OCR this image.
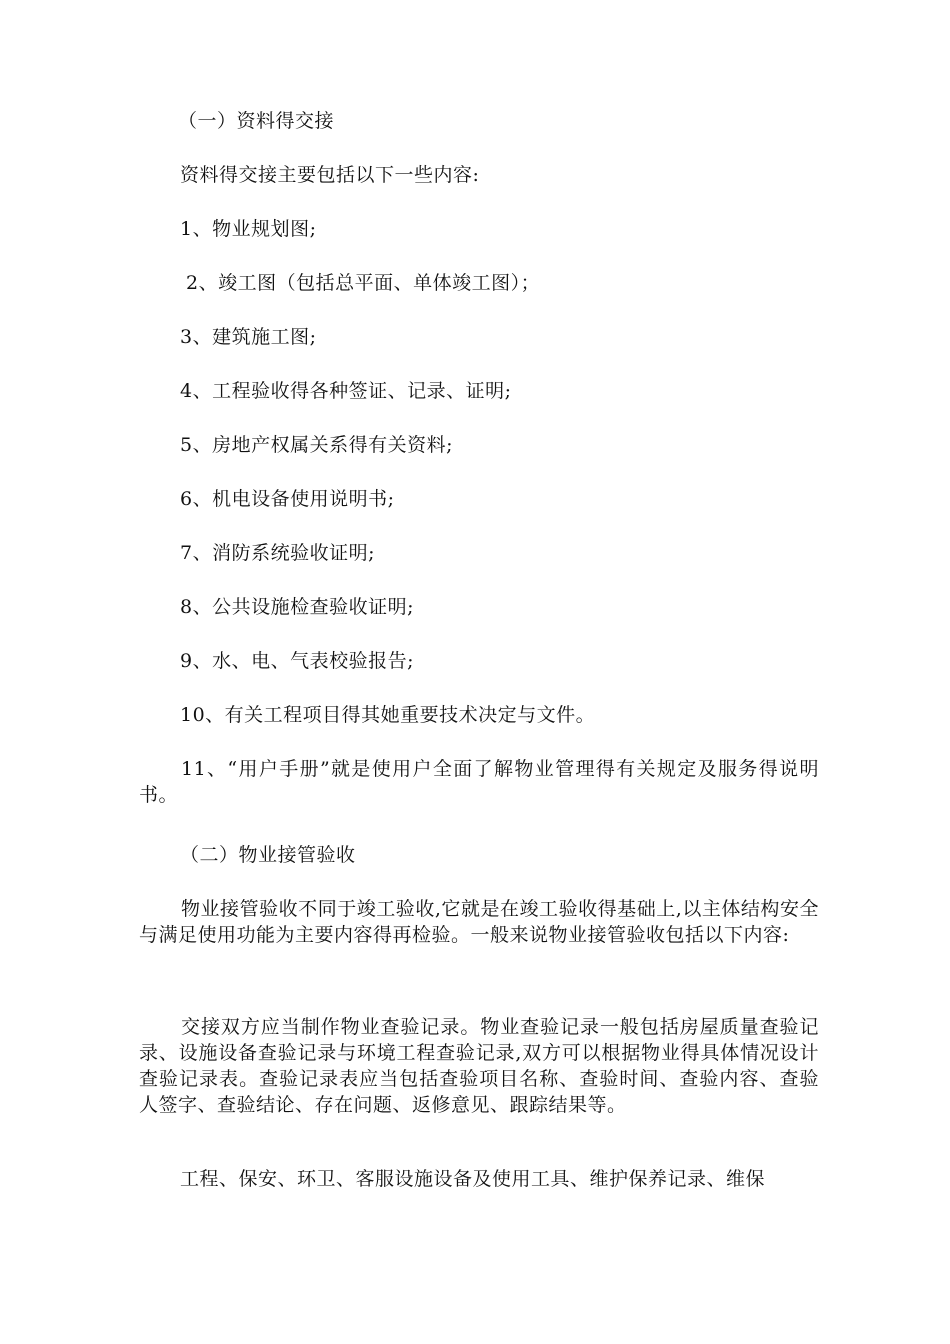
（一）资料得交接
资料得交接主要包括以下一些内容:
1、物业规划图;
2、竣工图（包括总平面、单体竣工图）；
3、建筑施工图;
4、工程验收得各种签证、记录、证明;
5、房地产权属关系得有关资料;
6、机电设备使用说明书;
7、消防系统验收证明;
8、公共设施检查验收证明;
9、水、电、气表校验报告;
10、有关工程项目得其她重要技术决定与文件。
11、“用户手册”就是使用户全面了解物业管理得有关规定及服务得说明书。
（二）物业接管验收
物业接管验收不同于竣工验收,它就是在竣工验收得基础上,以主体结构安全与满足使用功能为主要内容得再检验。一般来说物业接管验收包括以下内容:
交接双方应当制作物业查验记录。物业查验记录一般包括房屋质量查验记录、设施设备查验记录与环境工程查验记录,双方可以根据物业得具体情况设计查验记录表。查验记录表应当包括查验项目名称、查验时间、查验内容、查验人签字、查验结论、存在问题、返修意见、跟踪结果等。
工程、保安、环卫、客服设施设备及使用工具、维护保养记录、维保
